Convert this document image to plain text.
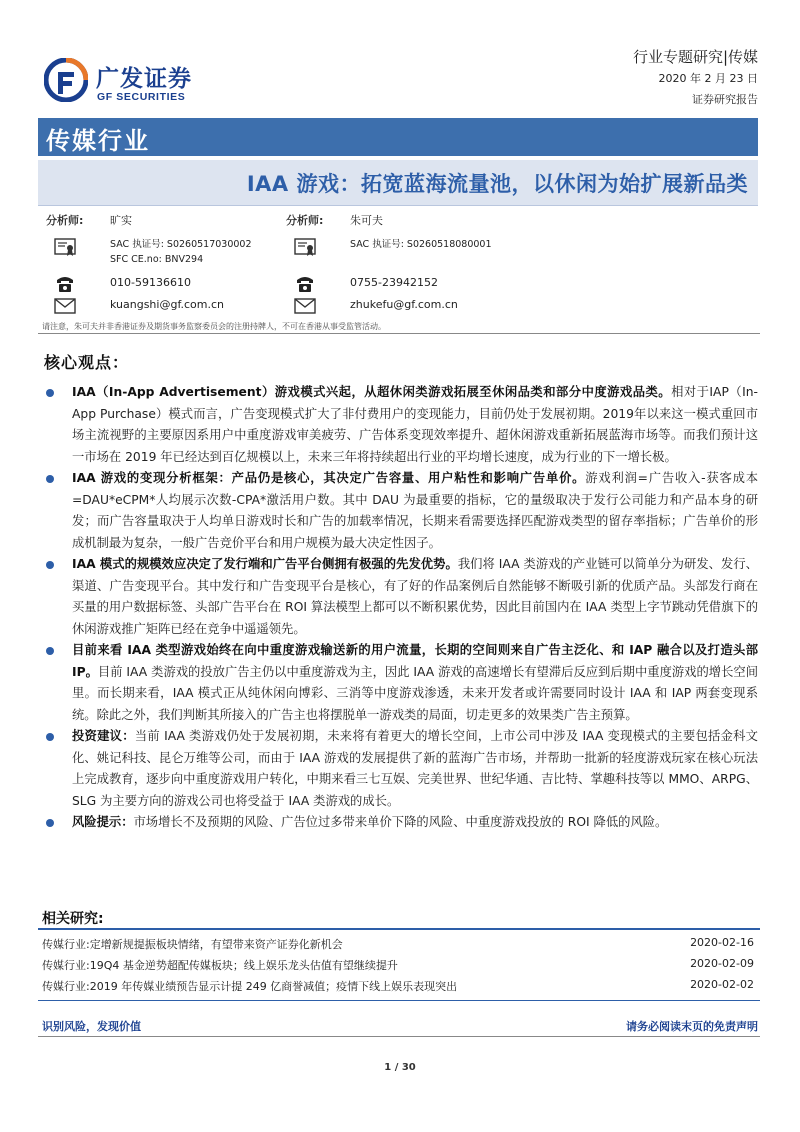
广发证券
GF SECURITIES
行业专题研究|传媒
2020 年 2 月 23 日
证券研究报告
传媒行业
IAA 游戏：拓宽蓝海流量池，以休闲为始扩展新品类
分析师: 旷实
SAC 执证号: S0260517030002
SFC CE.no: BNV294
010-59136610
kuangshi@gf.com.cn
分析师: 朱可夫
SAC 执证号: S0260518080001
0755-23942152
zhukefu@gf.com.cn
请注意，朱可夫并非香港证券及期货事务监察委员会的注册持牌人，不可在香港从事受监管活动。
核心观点：
IAA（In-App Advertisement）游戏模式兴起，从超休闲类游戏拓展至休闲品类和部分中度游戏品类。相对于IAP（In-App Purchase）模式而言，广告变现模式扩大了非付费用户的变现能力，目前仍处于发展初期。2019年以来这一模式重回市场主流视野的主要原因系用户中重度游戏审美疲劳、广告体系变现效率提升、超休闲游戏重新拓展蓝海市场等。而我们预计这一市场在 2019 年已经达到百亿规模以上，未来三年将持续超出行业的平均增长速度，成为行业的下一增长极。
IAA 游戏的变现分析框架：产品仍是核心，其决定广告容量、用户粘性和影响广告单价。游戏利润=广告收入-获客成本=DAU*eCPM*人均展示次数-CPA*激活用户数。其中 DAU 为最重要的指标，它的量级取决于发行公司能力和产品本身的研发；而广告容量取决于人均单日游戏时长和广告的加载率情况，长期来看需要选择匹配游戏类型的留存率指标；广告单价的形成机制最为复杂，一般广告竞价平台和用户规模为最大决定性因子。
IAA 模式的规模效应决定了发行端和广告平台侧拥有极强的先发优势。我们将 IAA 类游戏的产业链可以简单分为研发、发行、渠道、广告变现平台。其中发行和广告变现平台是核心，有了好的作品案例后自然能够不断吸引新的优质产品。头部发行商在买量的用户数据标签、头部广告平台在 ROI 算法模型上都可以不断积累优势，因此目前国内在 IAA 类型上字节跳动凭借旗下的休闲游戏推广矩阵已经在竞争中遥遥领先。
目前来看 IAA 类型游戏始终在向中重度游戏输送新的用户流量，长期的空间则来自广告主泛化、和 IAP 融合以及打造头部 IP。目前 IAA 类游戏的投放广告主仍以中重度游戏为主，因此 IAA 游戏的高速增长有望滞后反应到后期中重度游戏的增长空间里。而长期来看，IAA 模式正从纯休闲向博彩、三消等中度游戏渗透，未来开发者或许需要同时设计 IAA 和 IAP 两套变现系统。除此之外，我们判断其所接入的广告主也将摆脱单一游戏类的局面，切走更多的效果类广告主预算。
投资建议：当前 IAA 类游戏仍处于发展初期，未来将有着更大的增长空间，上市公司中涉及 IAA 变现模式的主要包括金科文化、姚记科技、昆仑万维等公司，而由于 IAA 游戏的发展提供了新的蓝海广告市场，并帮助一批新的轻度游戏玩家在核心玩法上完成教育，逐步向中重度游戏用户转化，中期来看三七互娱、完美世界、世纪华通、吉比特、掌趣科技等以 MMO、ARPG、SLG 为主要方向的游戏公司也将受益于 IAA 类游戏的成长。
风险提示：市场增长不及预期的风险、广告位过多带来单价下降的风险、中重度游戏投放的 ROI 降低的风险。
相关研究:
传媒行业:定增新规提振板块情绪，有望带来资产证券化新机会	2020-02-16
传媒行业:19Q4 基金逆势超配传媒板块；线上娱乐龙头估值有望继续提升	2020-02-09
传媒行业:2019 年传媒业绩预告显示计提 249 亿商誉减值；疫情下线上娱乐表现突出	2020-02-02
识别风险，发现价值	请务必阅读末页的免责声明
1 / 30
